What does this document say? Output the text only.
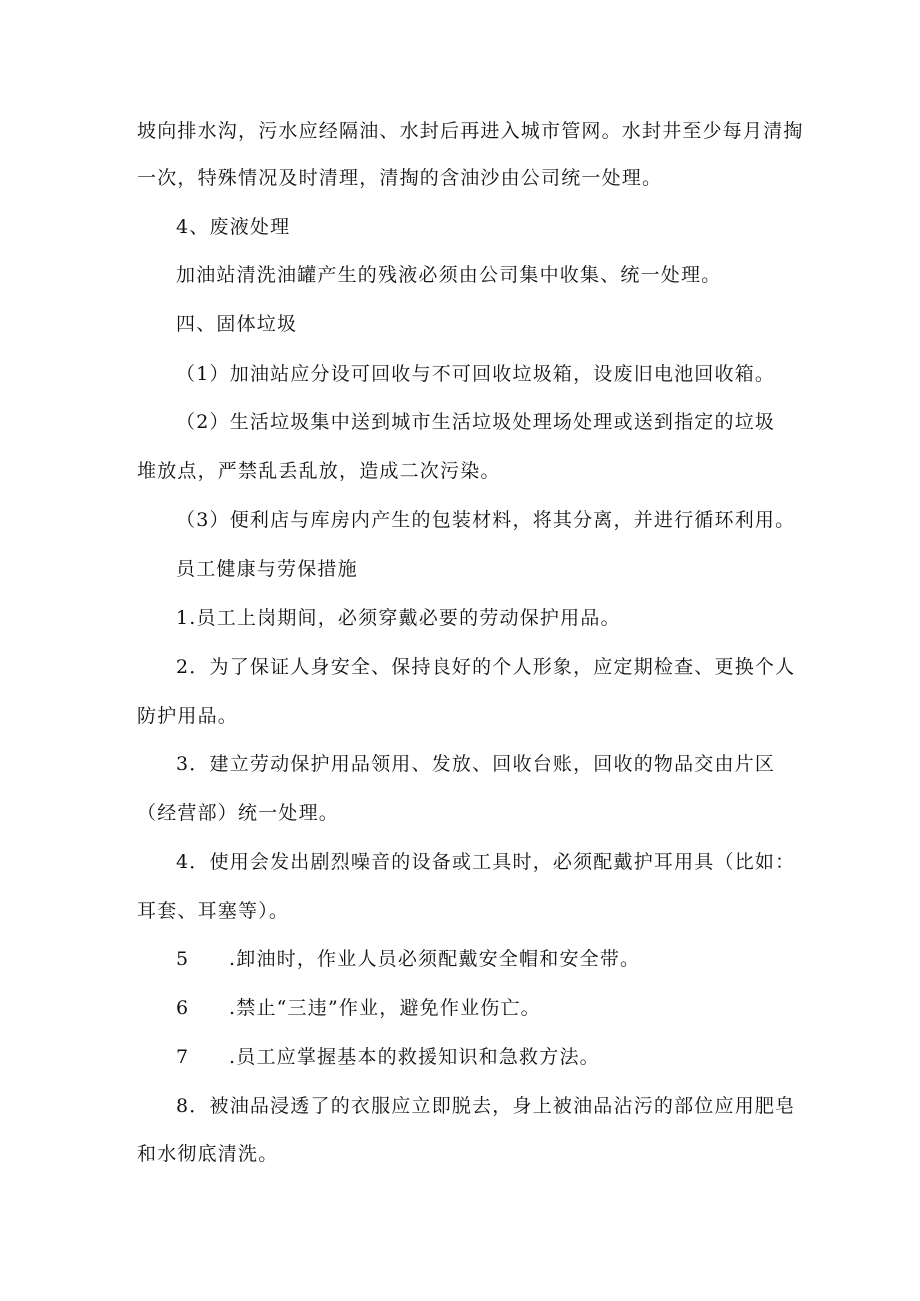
坡向排水沟，污水应经隔油、水封后再进入城市管网。水封井至少每月清掏
一次，特殊情况及时清理，清掏的含油沙由公司统一处理。
4、废液处理
加油站清洗油罐产生的残液必须由公司集中收集、统一处理。
四、固体垃圾
（1）加油站应分设可回收与不可回收垃圾箱，设废旧电池回收箱。
（2）生活垃圾集中送到城市生活垃圾处理场处理或送到指定的垃圾
堆放点，严禁乱丢乱放，造成二次污染。
（3）便利店与库房内产生的包装材料，将其分离，并进行循环利用。
员工健康与劳保措施
1.员工上岗期间，必须穿戴必要的劳动保护用品。
2．为了保证人身安全、保持良好的个人形象，应定期检查、更换个人
防护用品。
3．建立劳动保护用品领用、发放、回收台账，回收的物品交由片区
（经营部）统一处理。
4．使用会发出剧烈噪音的设备或工具时，必须配戴护耳用具（比如：
耳套、耳塞等）。
5 .卸油时，作业人员必须配戴安全帽和安全带。
6 .禁止“三违”作业，避免作业伤亡。
7 .员工应掌握基本的救援知识和急救方法。
8．被油品浸透了的衣服应立即脱去，身上被油品沾污的部位应用肥皂
和水彻底清洗。
